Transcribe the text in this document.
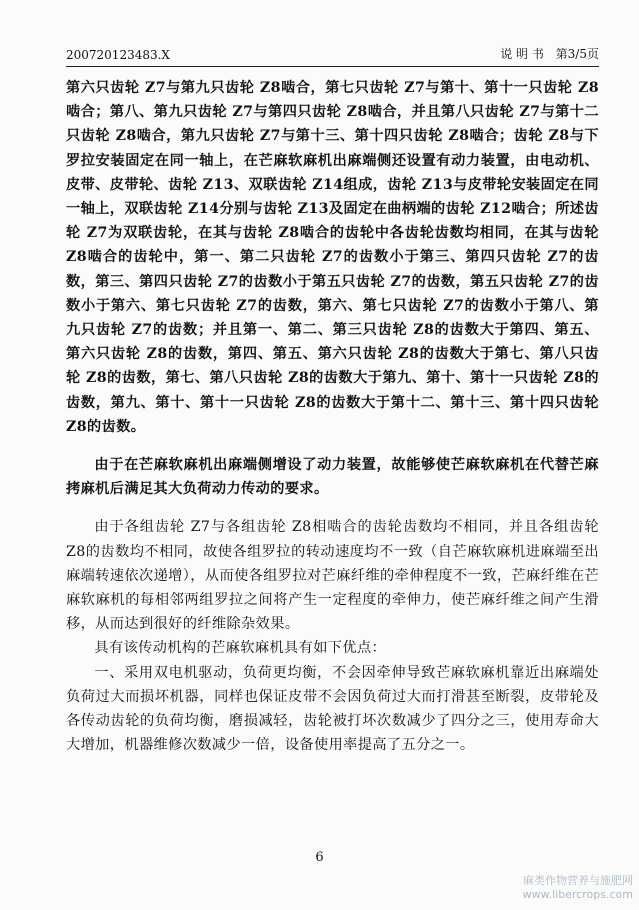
200720123483.X	说 明 书 第3/5页

第六只齿轮 Z7与第九只齿轮 Z8啮合，第七只齿轮 Z7与第十、第十一只齿轮 Z8啮合；第八、第九只齿轮 Z7与第四只齿轮 Z8啮合，并且第八只齿轮 Z7与第十二只齿轮 Z8啮合，第九只齿轮 Z7与第十三、第十四只齿轮 Z8啮合；齿轮 Z8与下罗拉安装固定在同一轴上，在芒麻软麻机出麻端侧还设置有动力装置，由电动机、皮带、皮带轮、齿轮 Z13、双联齿轮 Z14组成，齿轮 Z13与皮带轮安装固定在同一轴上，双联齿轮 Z14分别与齿轮 Z13及固定在曲柄端的齿轮 Z12啮合；所述齿轮 Z7为双联齿轮，在其与齿轮 Z8啮合的齿轮中各齿轮齿数均相同，在其与齿轮 Z8啮合的齿轮中，第一、第二只齿轮 Z7的齿数小于第三、第四只齿轮 Z7的齿数，第三、第四只齿轮 Z7的齿数小于第五只齿轮 Z7的齿数，第五只齿轮 Z7的齿数小于第六、第七只齿轮 Z7的齿数，第六、第七只齿轮 Z7的齿数小于第八、第九只齿轮 Z7的齿数；并且第一、第二、第三只齿轮 Z8的齿数大于第四、第五、第六只齿轮 Z8的齿数，第四、第五、第六只齿轮 Z8的齿数大于第七、第八只齿轮 Z8的齿数，第七、第八只齿轮 Z8的齿数大于第九、第十、第十一只齿轮 Z8的齿数，第九、第十、第十一只齿轮 Z8的齿数大于第十二、第十三、第十四只齿轮 Z8的齿数。

由于在芒麻软麻机出麻端侧增设了动力装置，故能够使芒麻软麻机在代替芒麻拷麻机后满足其大负荷动力传动的要求。

由于各组齿轮 Z7与各组齿轮 Z8相啮合的齿轮齿数均不相同，并且各组齿轮 Z8的齿数均不相同，故使各组罗拉的转动速度均不一致（自芒麻软麻机进麻端至出麻端转速依次递增），从而使各组罗拉对芒麻纤维的牵伸程度不一致，芒麻纤维在芒麻软麻机的每相邻两组罗拉之间将产生一定程度的牵伸力，使芒麻纤维之间产生滑移，从而达到很好的纤维除杂效果。

具有该传动机构的芒麻软麻机具有如下优点：

一、采用双电机驱动，负荷更均衡，不会因牵伸导致芒麻软麻机靠近出麻端处负荷过大而损坏机器，同样也保证皮带不会因负荷过大而打滑甚至断裂，皮带轮及各传动齿轮的负荷均衡，磨损减轻，齿轮被打坏次数减少了四分之三，使用寿命大大增加，机器维修次数减少一倍，设备使用率提高了五分之一。

6
麻类作物营养与施肥网
www.libercrops.com
